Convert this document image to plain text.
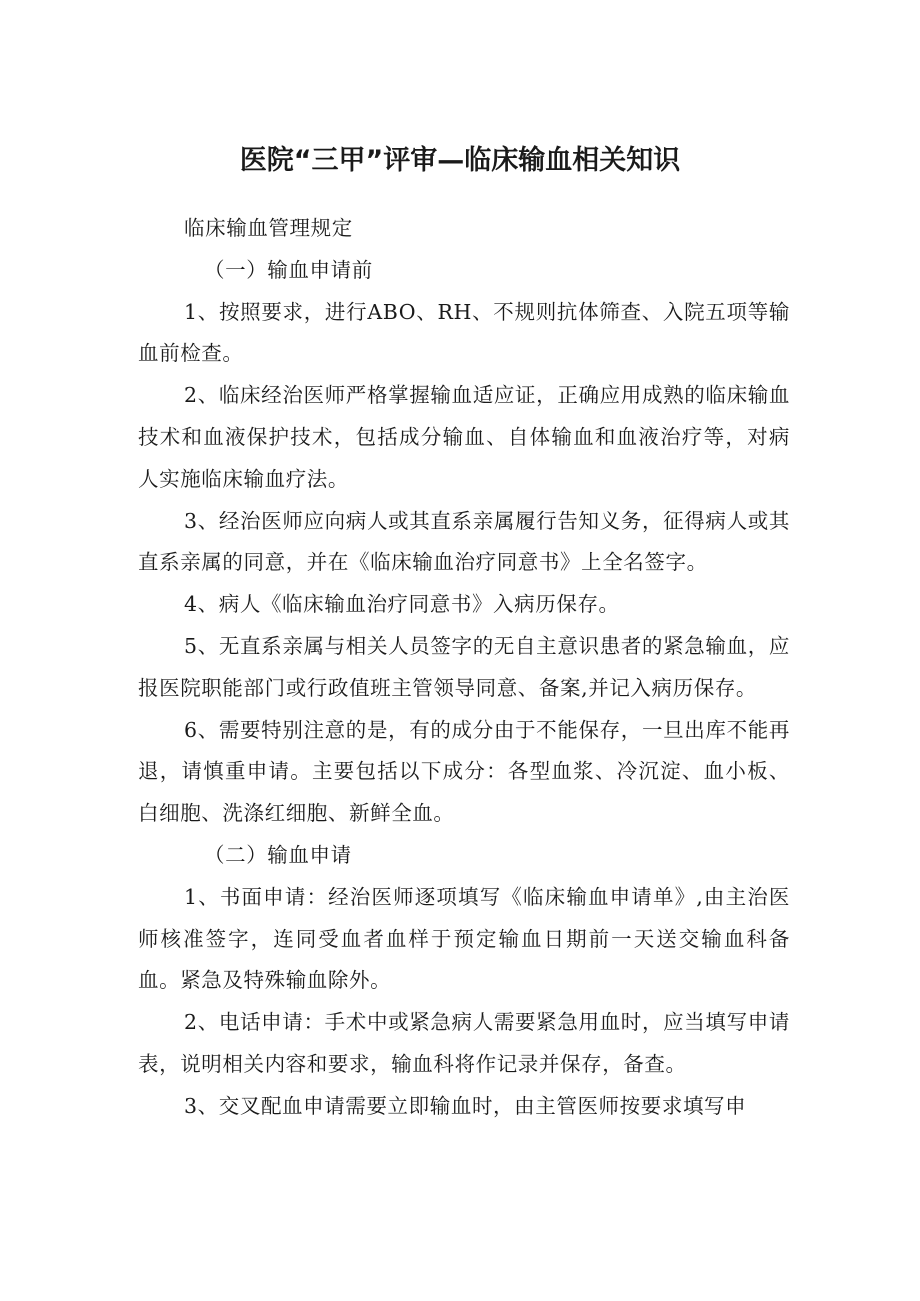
医院“三甲”评审—临床输血相关知识

临床输血管理规定

（一）输血申请前

1、按照要求，进行ABO、RH、不规则抗体筛查、入院五项等输血前检查。

2、临床经治医师严格掌握输血适应证，正确应用成熟的临床输血技术和血液保护技术，包括成分输血、自体输血和血液治疗等，对病人实施临床输血疗法。

3、经治医师应向病人或其直系亲属履行告知义务，征得病人或其直系亲属的同意，并在《临床输血治疗同意书》上全名签字。

4、病人《临床输血治疗同意书》入病历保存。

5、无直系亲属与相关人员签字的无自主意识患者的紧急输血，应报医院职能部门或行政值班主管领导同意、备案,并记入病历保存。

6、需要特别注意的是，有的成分由于不能保存，一旦出库不能再退，请慎重申请。主要包括以下成分：各型血浆、冷沉淀、血小板、白细胞、洗涤红细胞、新鲜全血。

（二）输血申请

1、书面申请：经治医师逐项填写《临床输血申请单》,由主治医师核准签字，连同受血者血样于预定输血日期前一天送交输血科备血。紧急及特殊输血除外。

2、电话申请：手术中或紧急病人需要紧急用血时，应当填写申请表，说明相关内容和要求，输血科将作记录并保存，备查。

3、交叉配血申请需要立即输血时，由主管医师按要求填写申
